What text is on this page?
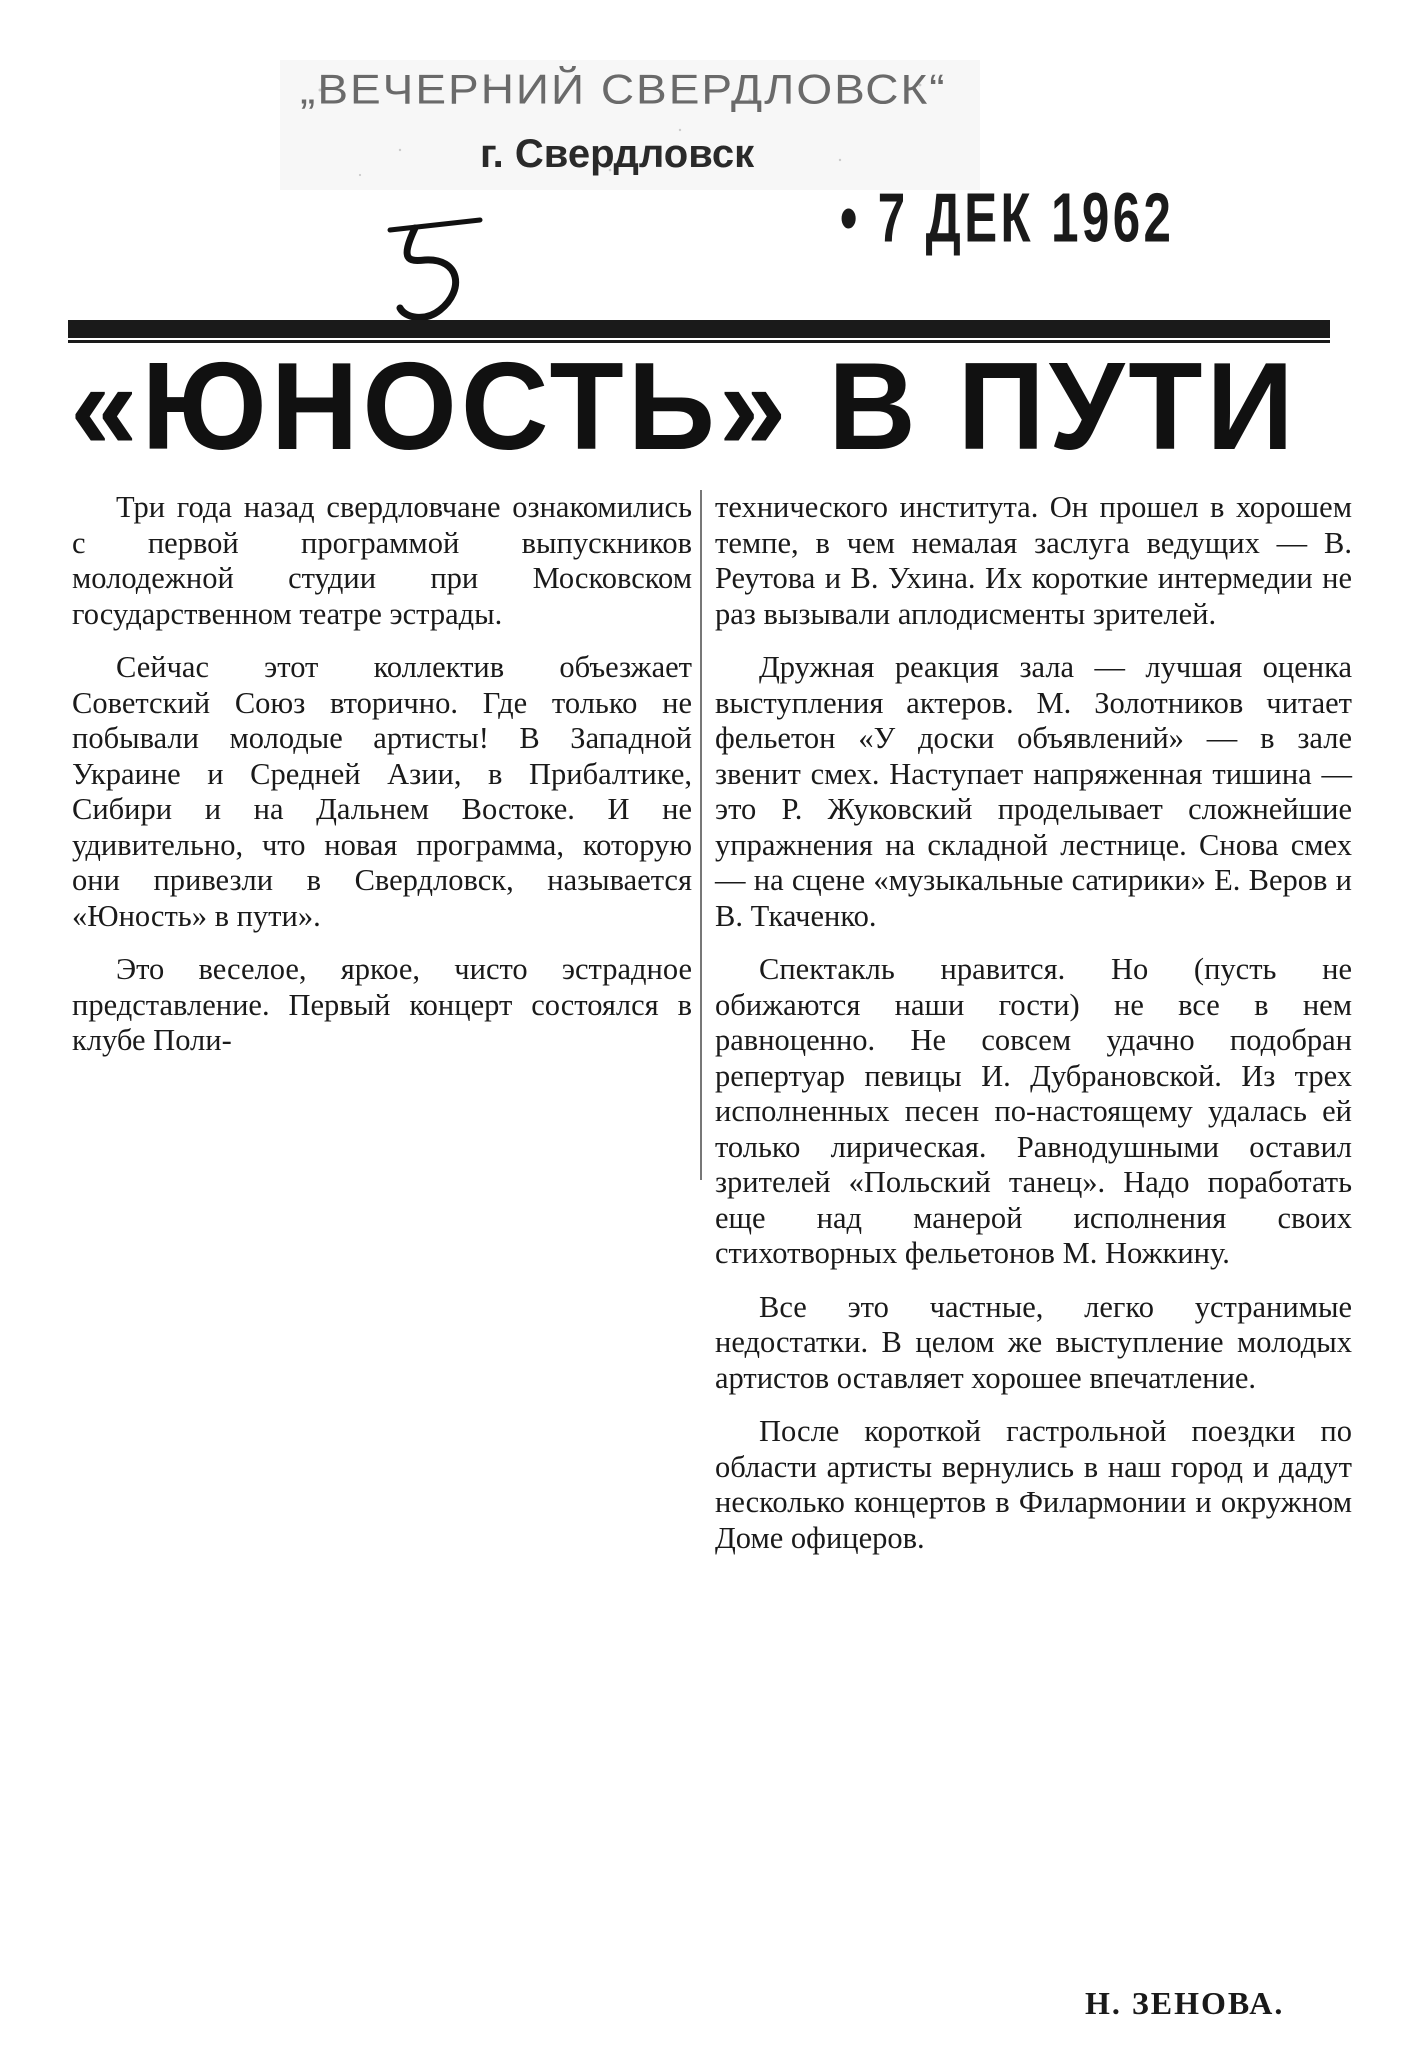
„ВЕЧЕРНИЙ СВЕРДЛОВСК“
г. Свердловск
• 7 ДЕК 1962
«ЮНОСТЬ» В ПУТИ

Три года назад свердловчане ознакомились с первой программой выпускников молодежной студии при Московском государственном театре эстрады.

Сейчас этот коллектив объезжает Советский Союз вторично. Где только не побывали молодые артисты! В Западной Украине и Средней Азии, в Прибалтике, Сибири и на Дальнем Востоке. И не удивительно, что новая программа, которую они привезли в Свердловск, называется «Юность» в пути».

Это веселое, яркое, чисто эстрадное представление. Первый концерт состоялся в клубе Поли-

технического института. Он прошел в хорошем темпе, в чем немалая заслуга ведущих — В. Реутова и В. Ухина. Их короткие интермедии не раз вызывали аплодисменты зрителей.

Дружная реакция зала — лучшая оценка выступления актеров. М. Золотников читает фельетон «У доски объявлений» — в зале звенит смех. Наступает напряженная тишина — это Р. Жуковский проделывает сложнейшие упражнения на складной лестнице. Снова смех — на сцене «музыкальные сатирики» Е. Веров и В. Ткаченко.

Спектакль нравится. Но (пусть не обижаются наши гости) не все в нем равноценно. Не совсем удачно подобран репертуар певицы И. Дубрановской. Из трех исполненных песен по-настоящему удалась ей только лирическая. Равнодушными оставил зрителей «Польский танец». Надо поработать еще над манерой исполнения своих стихотворных фельетонов М. Ножкину.

Все это частные, легко устранимые недостатки. В целом же выступление молодых артистов оставляет хорошее впечатление.

После короткой гастрольной поездки по области артисты вернулись в наш город и дадут несколько концертов в Филармонии и окружном Доме офицеров.

Н. ЗЕНОВА.
